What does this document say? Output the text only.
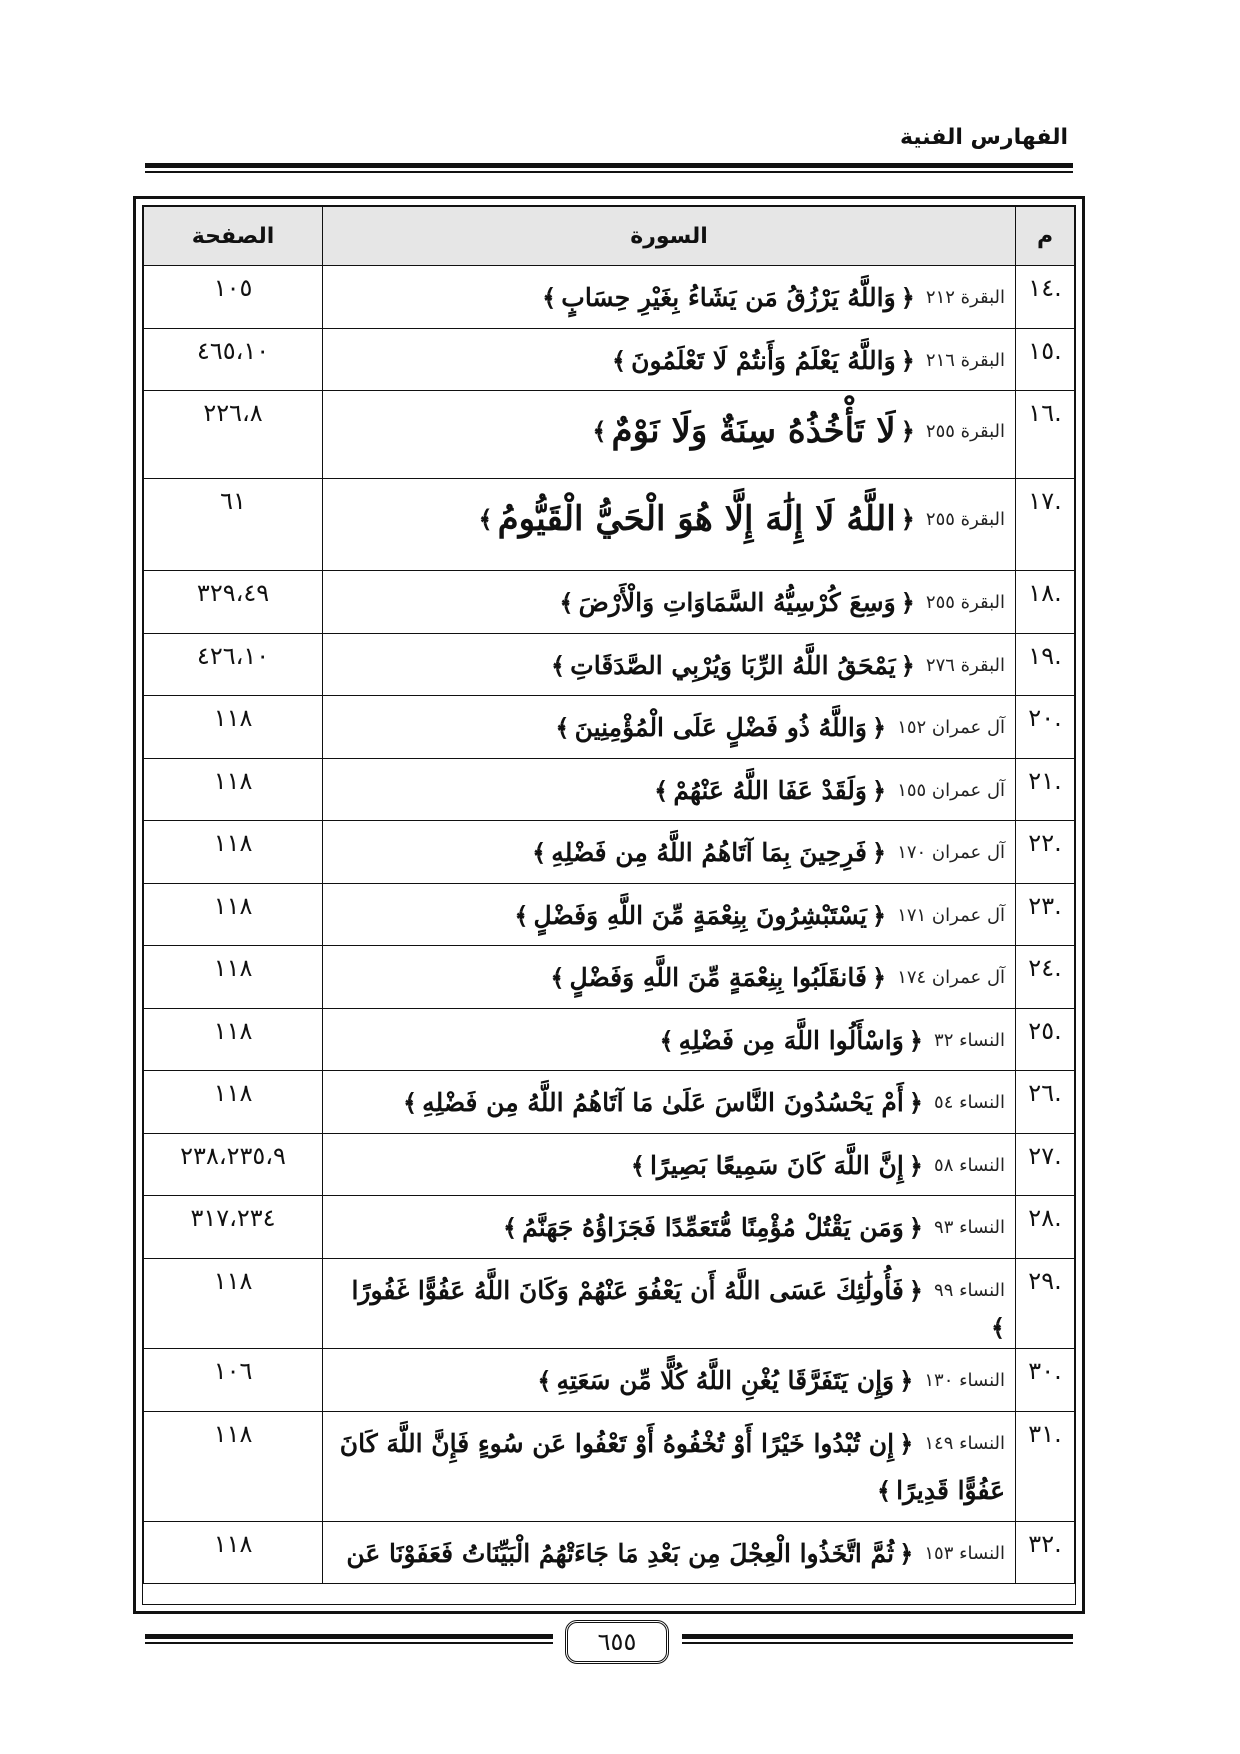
الفهارس الفنية
م	السورة	الصفحة
.١٤	البقرة ٢١٢ ﴿ وَاللَّهُ يَرْزُقُ مَن يَشَاءُ بِغَيْرِ حِسَابٍ ﴾	١٠٥
.١٥	البقرة ٢١٦ ﴿ وَاللَّهُ يَعْلَمُ وَأَنتُمْ لَا تَعْلَمُونَ ﴾	٤٦٥،١٠
.١٦	البقرة ٢٥٥ ﴿ لَا تَأْخُذُهُ سِنَةٌ وَلَا نَوْمٌ ﴾	٢٢٦،٨
.١٧	البقرة ٢٥٥ ﴿ اللَّهُ لَا إِلَٰهَ إِلَّا هُوَ الْحَيُّ الْقَيُّومُ ﴾	٦١
.١٨	البقرة ٢٥٥ ﴿ وَسِعَ كُرْسِيُّهُ السَّمَاوَاتِ وَالْأَرْضَ ﴾	٣٢٩،٤٩
.١٩	البقرة ٢٧٦ ﴿ يَمْحَقُ اللَّهُ الرِّبَا وَيُرْبِي الصَّدَقَاتِ ﴾	٤٢٦،١٠
.٢٠	آل عمران ١٥٢ ﴿ وَاللَّهُ ذُو فَضْلٍ عَلَى الْمُؤْمِنِينَ ﴾	١١٨
.٢١	آل عمران ١٥٥ ﴿ وَلَقَدْ عَفَا اللَّهُ عَنْهُمْ ﴾	١١٨
.٢٢	آل عمران ١٧٠ ﴿ فَرِحِينَ بِمَا آتَاهُمُ اللَّهُ مِن فَضْلِهِ ﴾	١١٨
.٢٣	آل عمران ١٧١ ﴿ يَسْتَبْشِرُونَ بِنِعْمَةٍ مِّنَ اللَّهِ وَفَضْلٍ ﴾	١١٨
.٢٤	آل عمران ١٧٤ ﴿ فَانقَلَبُوا بِنِعْمَةٍ مِّنَ اللَّهِ وَفَضْلٍ ﴾	١١٨
.٢٥	النساء ٣٢ ﴿ وَاسْأَلُوا اللَّهَ مِن فَضْلِهِ ﴾	١١٨
.٢٦	النساء ٥٤ ﴿ أَمْ يَحْسُدُونَ النَّاسَ عَلَىٰ مَا آتَاهُمُ اللَّهُ مِن فَضْلِهِ ﴾	١١٨
.٢٧	النساء ٥٨ ﴿ إِنَّ اللَّهَ كَانَ سَمِيعًا بَصِيرًا ﴾	٢٣٨،٢٣٥،٩
.٢٨	النساء ٩٣ ﴿ وَمَن يَقْتُلْ مُؤْمِنًا مُّتَعَمِّدًا فَجَزَاؤُهُ جَهَنَّمُ ﴾	٣١٧،٢٣٤
.٢٩	النساء ٩٩ ﴿ فَأُولَٰئِكَ عَسَى اللَّهُ أَن يَعْفُوَ عَنْهُمْ وَكَانَ اللَّهُ عَفُوًّا غَفُورًا ﴾	١١٨
.٣٠	النساء ١٣٠ ﴿ وَإِن يَتَفَرَّقَا يُغْنِ اللَّهُ كُلًّا مِّن سَعَتِهِ ﴾	١٠٦
.٣١	النساء ١٤٩ ﴿ إِن تُبْدُوا خَيْرًا أَوْ تُخْفُوهُ أَوْ تَعْفُوا عَن سُوءٍ فَإِنَّ اللَّهَ كَانَ عَفُوًّا قَدِيرًا ﴾	١١٨
.٣٢	النساء ١٥٣ ﴿ ثُمَّ اتَّخَذُوا الْعِجْلَ مِن بَعْدِ مَا جَاءَتْهُمُ الْبَيِّنَاتُ فَعَفَوْنَا عَن	١١٨
٦٥٥
